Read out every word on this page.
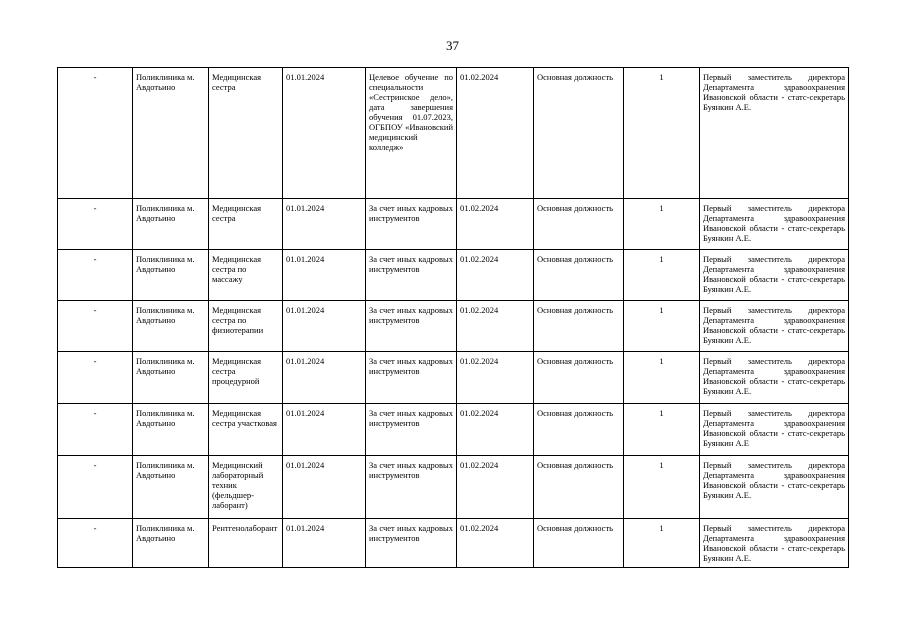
37
-	Поликлиника м. Авдотьино	Медицинская сестра	01.01.2024	Целевое обучение по специальности «Сестринское дело», дата завершения обучения 01.07.2023, ОГБПОУ «Ивановский медицинский колледж»	01.02.2024	Основная должность	1	Первый заместитель директора Департамента здравоохранения Ивановской области - статс-секретарь Буянкин А.Е.
-	Поликлиника м. Авдотьино	Медицинская сестра	01.01.2024	За счет иных кадровых инструментов	01.02.2024	Основная должность	1	Первый заместитель директора Департамента здравоохранения Ивановской области - статс-секретарь Буянкин А.Е.
-	Поликлиника м. Авдотьино	Медицинская сестра по массажу	01.01.2024	За счет иных кадровых инструментов	01.02.2024	Основная должность	1	Первый заместитель директора Департамента здравоохранения Ивановской области - статс-секретарь Буянкин А.Е.
-	Поликлиника м. Авдотьино	Медицинская сестра по физиотерапии	01.01.2024	За счет иных кадровых инструментов	01.02.2024	Основная должность	1	Первый заместитель директора Департамента здравоохранения Ивановской области - статс-секретарь Буянкин А.Е.
-	Поликлиника м. Авдотьино	Медицинская сестра процедурной	01.01.2024	За счет иных кадровых инструментов	01.02.2024	Основная должность	1	Первый заместитель директора Департамента здравоохранения Ивановской области - статс-секретарь Буянкин А.Е.
-	Поликлиника м. Авдотьино	Медицинская сестра участковая	01.01.2024	За счет иных кадровых инструментов	01.02.2024	Основная должность	1	Первый заместитель директора Департамента здравоохранения Ивановской области - статс-секретарь Буянкин А.Е
-	Поликлиника м. Авдотьино	Медицинский лабораторный техник (фельдшер-лаборант)	01.01.2024	За счет иных кадровых инструментов	01.02.2024	Основная должность	1	Первый заместитель директора Департамента здравоохранения Ивановской области - статс-секретарь Буянкин А.Е.
-	Поликлиника м. Авдотьино	Рентгенолаборант	01.01.2024	За счет иных кадровых инструментов	01.02.2024	Основная должность	1	Первый заместитель директора Департамента здравоохранения Ивановской области - статс-секретарь Буянкин А.Е.
